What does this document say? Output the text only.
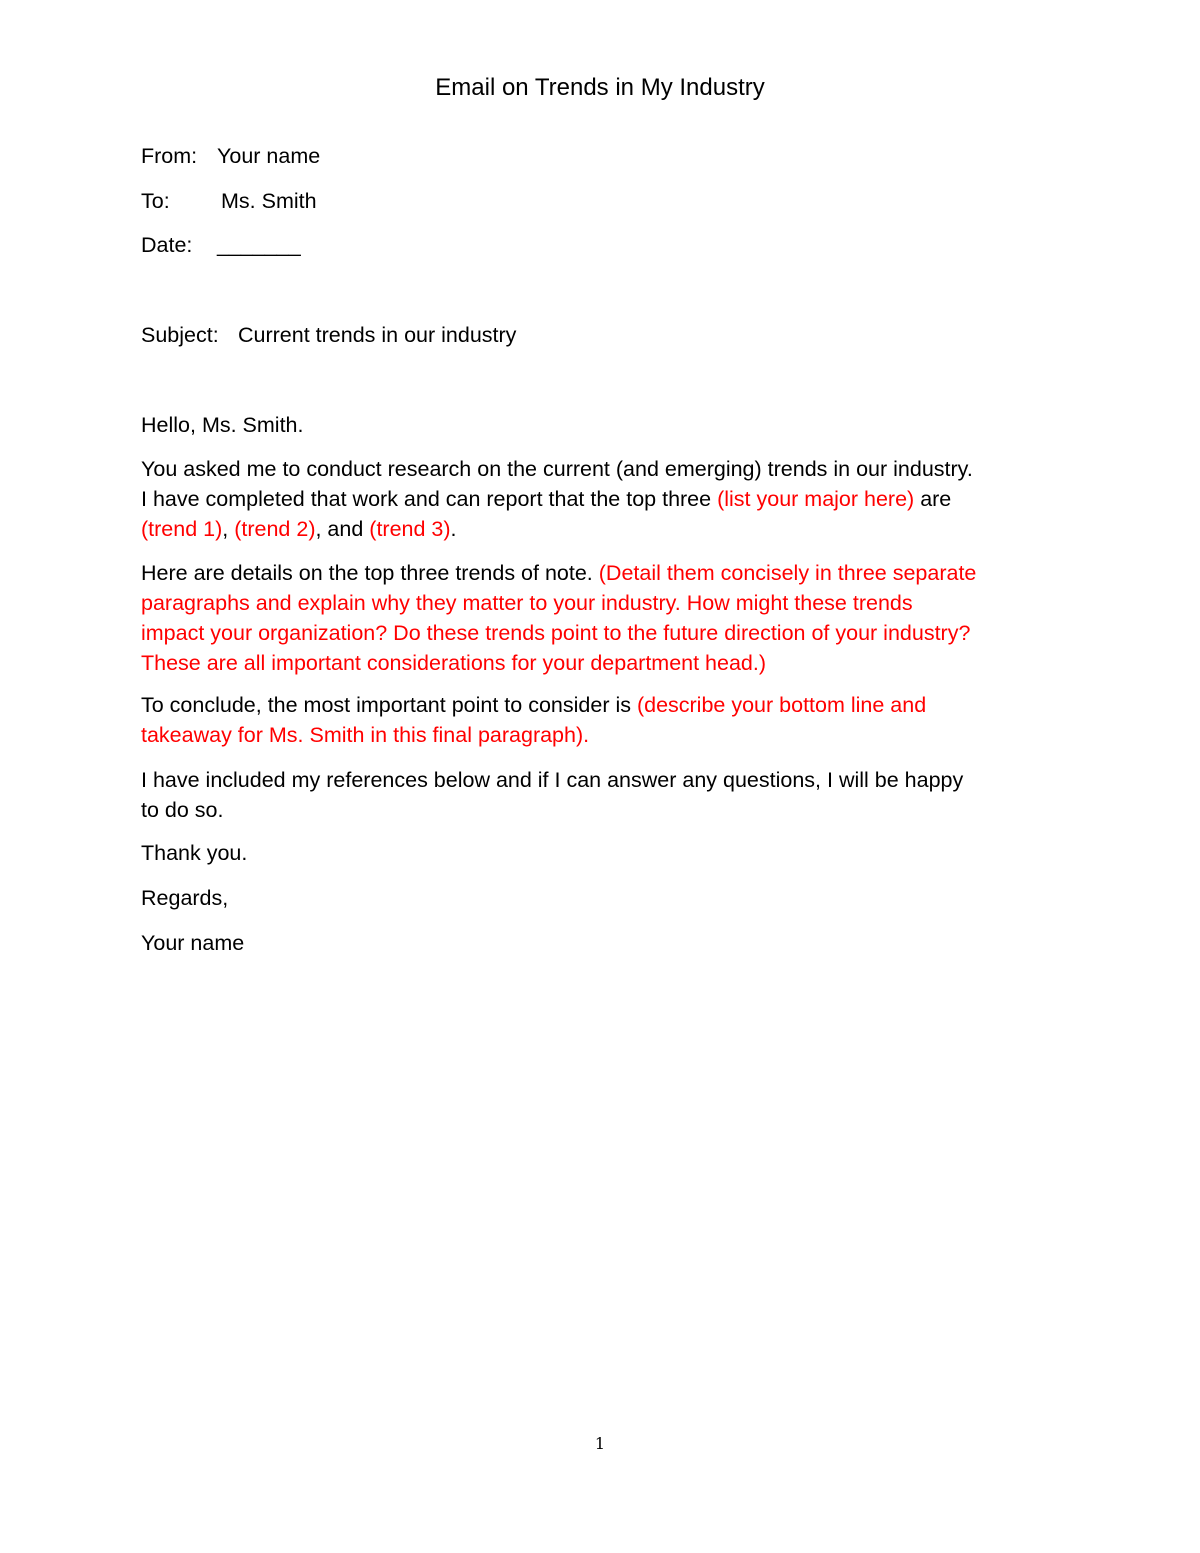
Email on Trends in My Industry

From: Your name

To: Ms. Smith

Date: _______

Subject: Current trends in our industry

Hello, Ms. Smith.

You asked me to conduct research on the current (and emerging) trends in our industry.
I have completed that work and can report that the top three (list your major here) are
(trend 1), (trend 2), and (trend 3).
Here are details on the top three trends of note. (Detail them concisely in three separate
paragraphs and explain why they matter to your industry. How might these trends
impact your organization? Do these trends point to the future direction of your industry?
These are all important considerations for your department head.)
To conclude, the most important point to consider is (describe your bottom line and
takeaway for Ms. Smith in this final paragraph).
I have included my references below and if I can answer any questions, I will be happy
to do so.

Thank you.

Regards,

Your name

1
